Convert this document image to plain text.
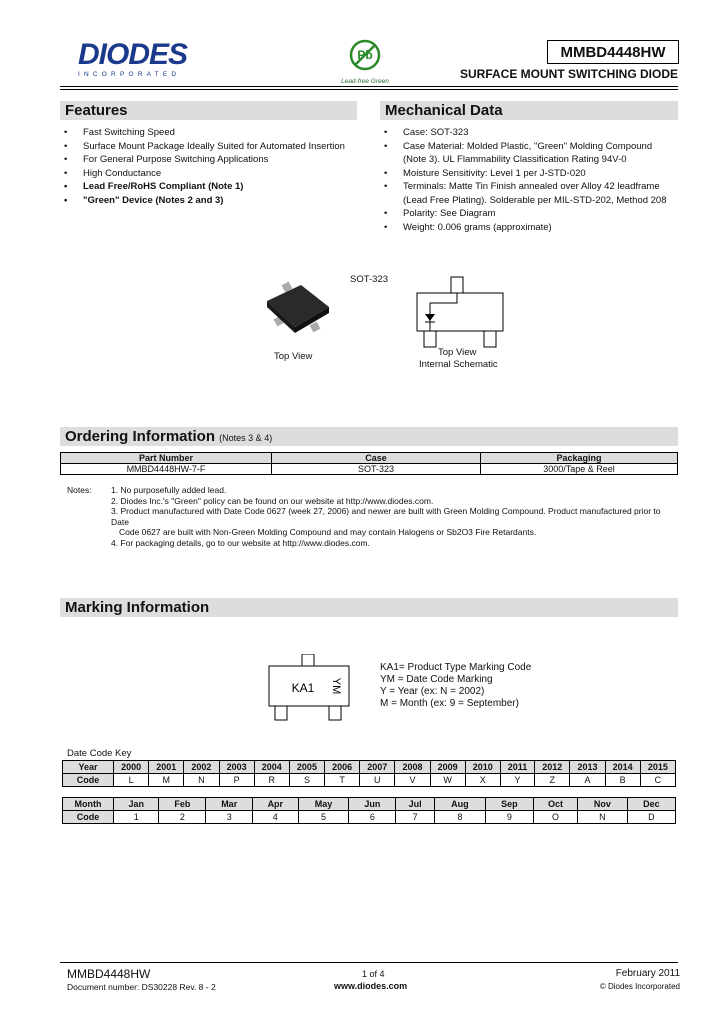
DIODES
INCORPORATED
Pb
Lead-free Green
MMBD4448HW
SURFACE MOUNT SWITCHING DIODE
Features
• Fast Switching Speed
• Surface Mount Package Ideally Suited for Automated Insertion
• For General Purpose Switching Applications
• High Conductance
• Lead Free/RoHS Compliant (Note 1)
• "Green" Device (Notes 2 and 3)
Mechanical Data
• Case: SOT-323
• Case Material: Molded Plastic, "Green" Molding Compound
(Note 3). UL Flammability Classification Rating 94V-0
• Moisture Sensitivity: Level 1 per J-STD-020
• Terminals: Matte Tin Finish annealed over Alloy 42 leadframe
(Lead Free Plating). Solderable per MIL-STD-202, Method 208
• Polarity: See Diagram
• Weight: 0.006 grams (approximate)
SOT-323
Top View	Top View
Internal Schematic
Ordering Information (Notes 3 & 4)
Part Number	Case	Packaging
MMBD4448HW-7-F	SOT-323	3000/Tape & Reel
Notes: 1. No purposefully added lead.
2. Diodes Inc.'s "Green" policy can be found on our website at http://www.diodes.com.
3. Product manufactured with Date Code 0627 (week 27, 2006) and newer are built with Green Molding Compound. Product manufactured prior to Date
Code 0627 are built with Non-Green Molding Compound and may contain Halogens or Sb2O3 Fire Retardants.
4. For packaging details, go to our website at http://www.diodes.com.
Marking Information
KA1 YM
KA1= Product Type Marking Code
YM = Date Code Marking
Y = Year (ex: N = 2002)
M = Month (ex: 9 = September)
Date Code Key
Year	2000	2001	2002	2003	2004	2005	2006	2007	2008	2009	2010	2011	2012	2013	2014	2015
Code	L	M	N	P	R	S	T	U	V	W	X	Y	Z	A	B	C
Month	Jan	Feb	Mar	Apr	May	Jun	Jul	Aug	Sep	Oct	Nov	Dec
Code	1	2	3	4	5	6	7	8	9	O	N	D
MMBD4448HW
Document number: DS30228 Rev. 8 - 2
1 of 4
www.diodes.com
February 2011
© Diodes Incorporated
